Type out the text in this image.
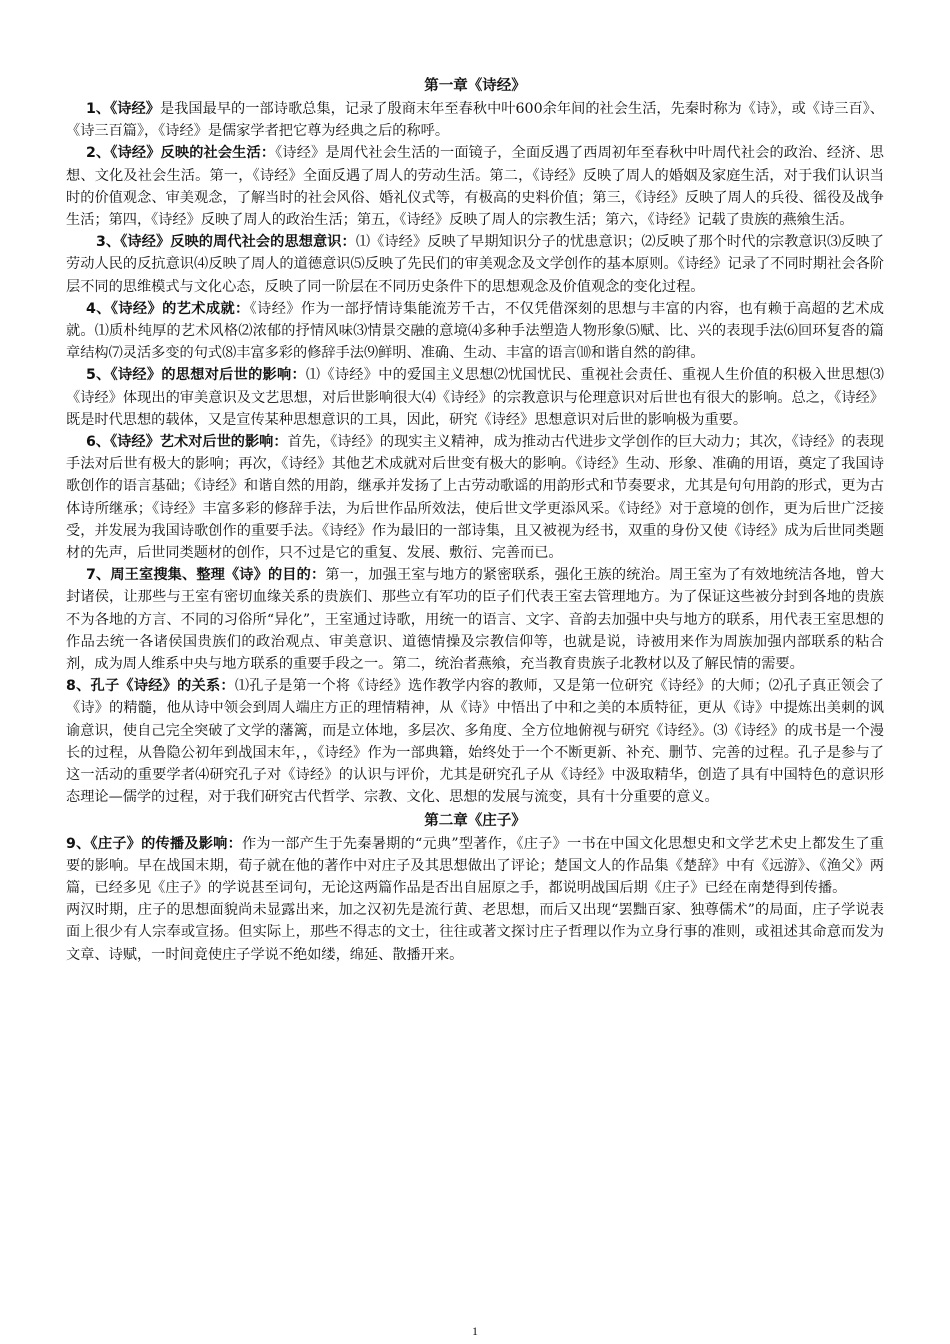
第一章《诗经》

1、《诗经》是我国最早的一部诗歌总集，记录了殷商末年至春秋中叶600余年间的社会生活，先秦时称为《诗》，或《诗三百》、《诗三百篇》，《诗经》是儒家学者把它尊为经典之后的称呼。

2、《诗经》反映的社会生活：《诗经》是周代社会生活的一面镜子，全面反遇了西周初年至春秋中叶周代社会的政治、经济、思想、文化及社会生活。第一，《诗经》全面反遇了周人的劳动生活。第二，《诗经》反映了周人的婚姻及家庭生活，对于我们认识当时的价值观念、审美观念，了解当时的社会风俗、婚礼仪式等，有极高的史料价值；第三，《诗经》反映了周人的兵役、徭役及战争生活；第四，《诗经》反映了周人的政治生活；第五，《诗经》反映了周人的宗教生活；第六，《诗经》记载了贵族的燕飨生活。

3、《诗经》反映的周代社会的思想意识：⑴《诗经》反映了早期知识分子的忧患意识；⑵反映了那个时代的宗教意识⑶反映了劳动人民的反抗意识⑷反映了周人的道德意识⑸反映了先民们的审美观念及文学创作的基本原则。《诗经》记录了不同时期社会各阶层不同的思维模式与文化心态，反映了同一阶层在不同历史条件下的思想观念及价值观念的变化过程。

4、《诗经》的艺术成就：《诗经》作为一部抒情诗集能流芳千古，不仅凭借深刻的思想与丰富的内容，也有赖于高超的艺术成就。⑴质朴纯厚的艺术风格⑵浓郁的抒情风味⑶情景交融的意境⑷多种手法塑造人物形象⑸赋、比、兴的表现手法⑹回环复沓的篇章结构⑺灵活多变的句式⑻丰富多彩的修辞手法⑼鲜明、准确、生动、丰富的语言⑽和谐自然的韵律。

5、《诗经》的思想对后世的影响：⑴《诗经》中的爱国主义思想⑵忧国忧民、重视社会责任、重视人生价值的积极入世思想⑶《诗经》体现出的审美意识及文艺思想，对后世影响很大⑷《诗经》的宗教意识与伦理意识对后世也有很大的影响。总之，《诗经》既是时代思想的载体，又是宣传某种思想意识的工具，因此，研究《诗经》思想意识对后世的影响极为重要。

6、《诗经》艺术对后世的影响：首先，《诗经》的现实主义精神，成为推动古代进步文学创作的巨大动力；其次，《诗经》的表现手法对后世有极大的影响；再次，《诗经》其他艺术成就对后世变有极大的影响。《诗经》生动、形象、准确的用语，奠定了我国诗歌创作的语言基础；《诗经》和谐自然的用韵，继承并发扬了上古劳动歌谣的用韵形式和节奏要求，尤其是句句用韵的形式，更为古体诗所继承；《诗经》丰富多彩的修辞手法，为后世作品所效法，使后世文学更添风采。《诗经》对于意境的创作，更为后世广泛接受，并发展为我国诗歌创作的重要手法。《诗经》作为最旧的一部诗集，且又被视为经书，双重的身份又使《诗经》成为后世同类题材的先声，后世同类题材的创作，只不过是它的重复、发展、敷衍、完善而已。

7、周王室搜集、整理《诗》的目的：第一，加强王室与地方的紧密联系，强化王族的统治。周王室为了有效地统洁各地，曾大封诸侯，让那些与王室有密切血缘关系的贵族们、那些立有军功的臣子们代表王室去管理地方。为了保证这些被分封到各地的贵族不为各地的方言、不同的习俗所“异化”，王室通过诗歌，用统一的语言、文字、音韵去加强中央与地方的联系，用代表王室思想的作品去统一各诸侯国贵族们的政治观点、审美意识、道德情操及宗教信仰等，也就是说，诗被用来作为周族加强内部联系的粘合剂，成为周人维系中央与地方联系的重要手段之一。第二，统治者燕飨，充当教育贵族子北教材以及了解民情的需要。

8、孔子《诗经》的关系：⑴孔子是第一个将《诗经》选作教学内容的教师，又是第一位研究《诗经》的大师；⑵孔子真正领会了《诗》的精髓，他从诗中领会到周人端庄方正的理情精神，从《诗》中悟出了中和之美的本质特征，更从《诗》中提炼出美刺的讽谕意识，使自己完全突破了文学的藩篱，而是立体地，多层次、多角度、全方位地俯视与研究《诗经》。⑶《诗经》的成书是一个漫长的过程，从鲁隐公初年到战国末年，，《诗经》作为一部典籍，始终处于一个不断更新、补充、删节、完善的过程。孔子是参与了这一活动的重要学者⑷研究孔子对《诗经》的认识与评价，尤其是研究孔子从《诗经》中汲取精华，创造了具有中国特色的意识形态理论—儒学的过程，对于我们研究古代哲学、宗教、文化、思想的发展与流变，具有十分重要的意义。

第二章《庄子》

9、《庄子》的传播及影响：作为一部产生于先秦暑期的“元典”型著作，《庄子》一书在中国文化思想史和文学艺术史上都发生了重要的影响。早在战国末期，荀子就在他的著作中对庄子及其思想做出了评论；楚国文人的作品集《楚辞》中有《远游》、《渔父》两篇，已经多见《庄子》的学说甚至词句，无论这两篇作品是否出自屈原之手，都说明战国后期《庄子》已经在南楚得到传播。

两汉时期，庄子的思想面貌尚未显露出来，加之汉初先是流行黄、老思想，而后又出现“罢黜百家、独尊儒术”的局面，庄子学说表面上很少有人宗奉或宣扬。但实际上，那些不得志的文士，往往或著文探讨庄子哲理以作为立身行事的准则，或祖述其命意而发为文章、诗赋，一时间竟使庄子学说不绝如缕，绵延、散播开来。

1
